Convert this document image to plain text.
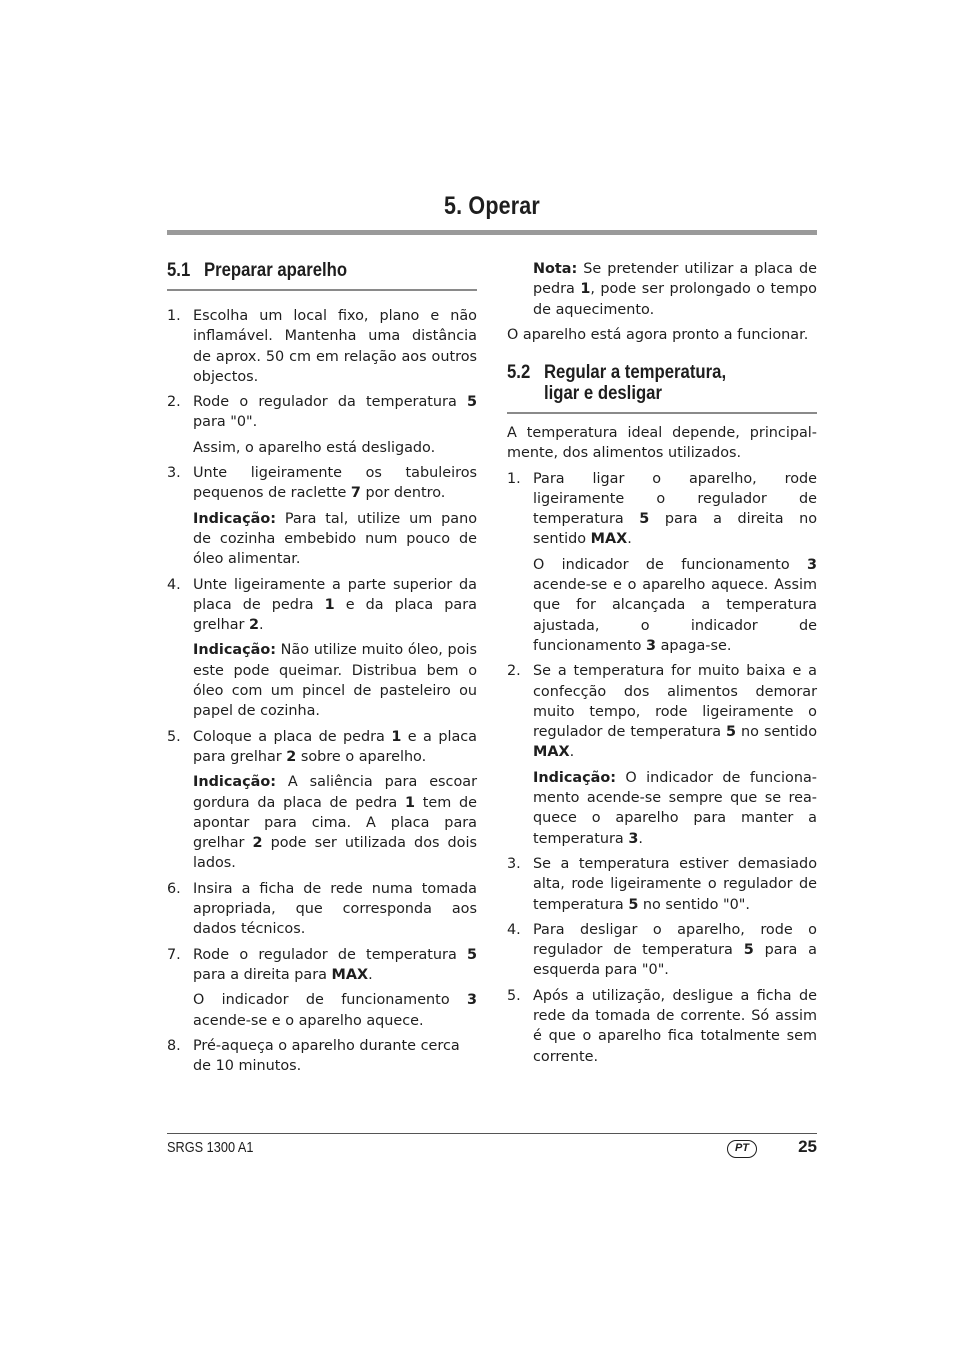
5. Operar
5.1 Preparar aparelho
1. Escolha um local fixo, plano e não inflamável. Mantenha uma distância de aprox. 50 cm em relação aos outros objectos.
2. Rode o regulador da temperatura 5 para "0".
Assim, o aparelho está desligado.
3. Unte ligeiramente os tabuleiros pequenos de raclette 7 por dentro.
Indicação: Para tal, utilize um pano de cozinha embebido num pouco de óleo alimentar.
4. Unte ligeiramente a parte superior da placa de pedra 1 e da placa para grelhar 2.
Indicação: Não utilize muito óleo, pois este pode queimar. Distribua bem o óleo com um pincel de pasteleiro ou papel de cozinha.
5. Coloque a placa de pedra 1 e a placa para grelhar 2 sobre o aparelho.
Indicação: A saliência para escoar gordura da placa de pedra 1 tem de apontar para cima. A placa para grelhar 2 pode ser utilizada dos dois lados.
6. Insira a ficha de rede numa tomada apropriada, que corresponda aos dados técnicos.
7. Rode o regulador de temperatura 5 para a direita para MAX.
O indicador de funcionamento 3 acende-se e o aparelho aquece.
8. Pré-aqueça o aparelho durante cerca de 10 minutos.
Nota: Se pretender utilizar a placa de pedra 1, pode ser prolongado o tempo de aquecimento.
O aparelho está agora pronto a funcionar.
5.2 Regular a temperatura,
ligar e desligar
A temperatura ideal depende, principal-mente, dos alimentos utilizados.
1. Para ligar o aparelho, rode ligeiramente o regulador de temperatura 5 para a direita no sentido MAX.
O indicador de funcionamento 3 acende-se e o aparelho aquece. Assim que for alcançada a temperatura ajustada, o indicador de funcionamento 3 apaga-se.
2. Se a temperatura for muito baixa e a confecção dos alimentos demorar muito tempo, rode ligeiramente o regulador de temperatura 5 no sentido MAX.
Indicação: O indicador de funciona-mento acende-se sempre que se rea-quece o aparelho para manter a temperatura 3.
3. Se a temperatura estiver demasiado alta, rode ligeiramente o regulador de temperatura 5 no sentido "0".
4. Para desligar o aparelho, rode o regulador de temperatura 5 para a esquerda para "0".
5. Após a utilização, desligue a ficha de rede da tomada de corrente. Só assim é que o aparelho fica totalmente sem corrente.
SRGS 1300 A1	PT	25
